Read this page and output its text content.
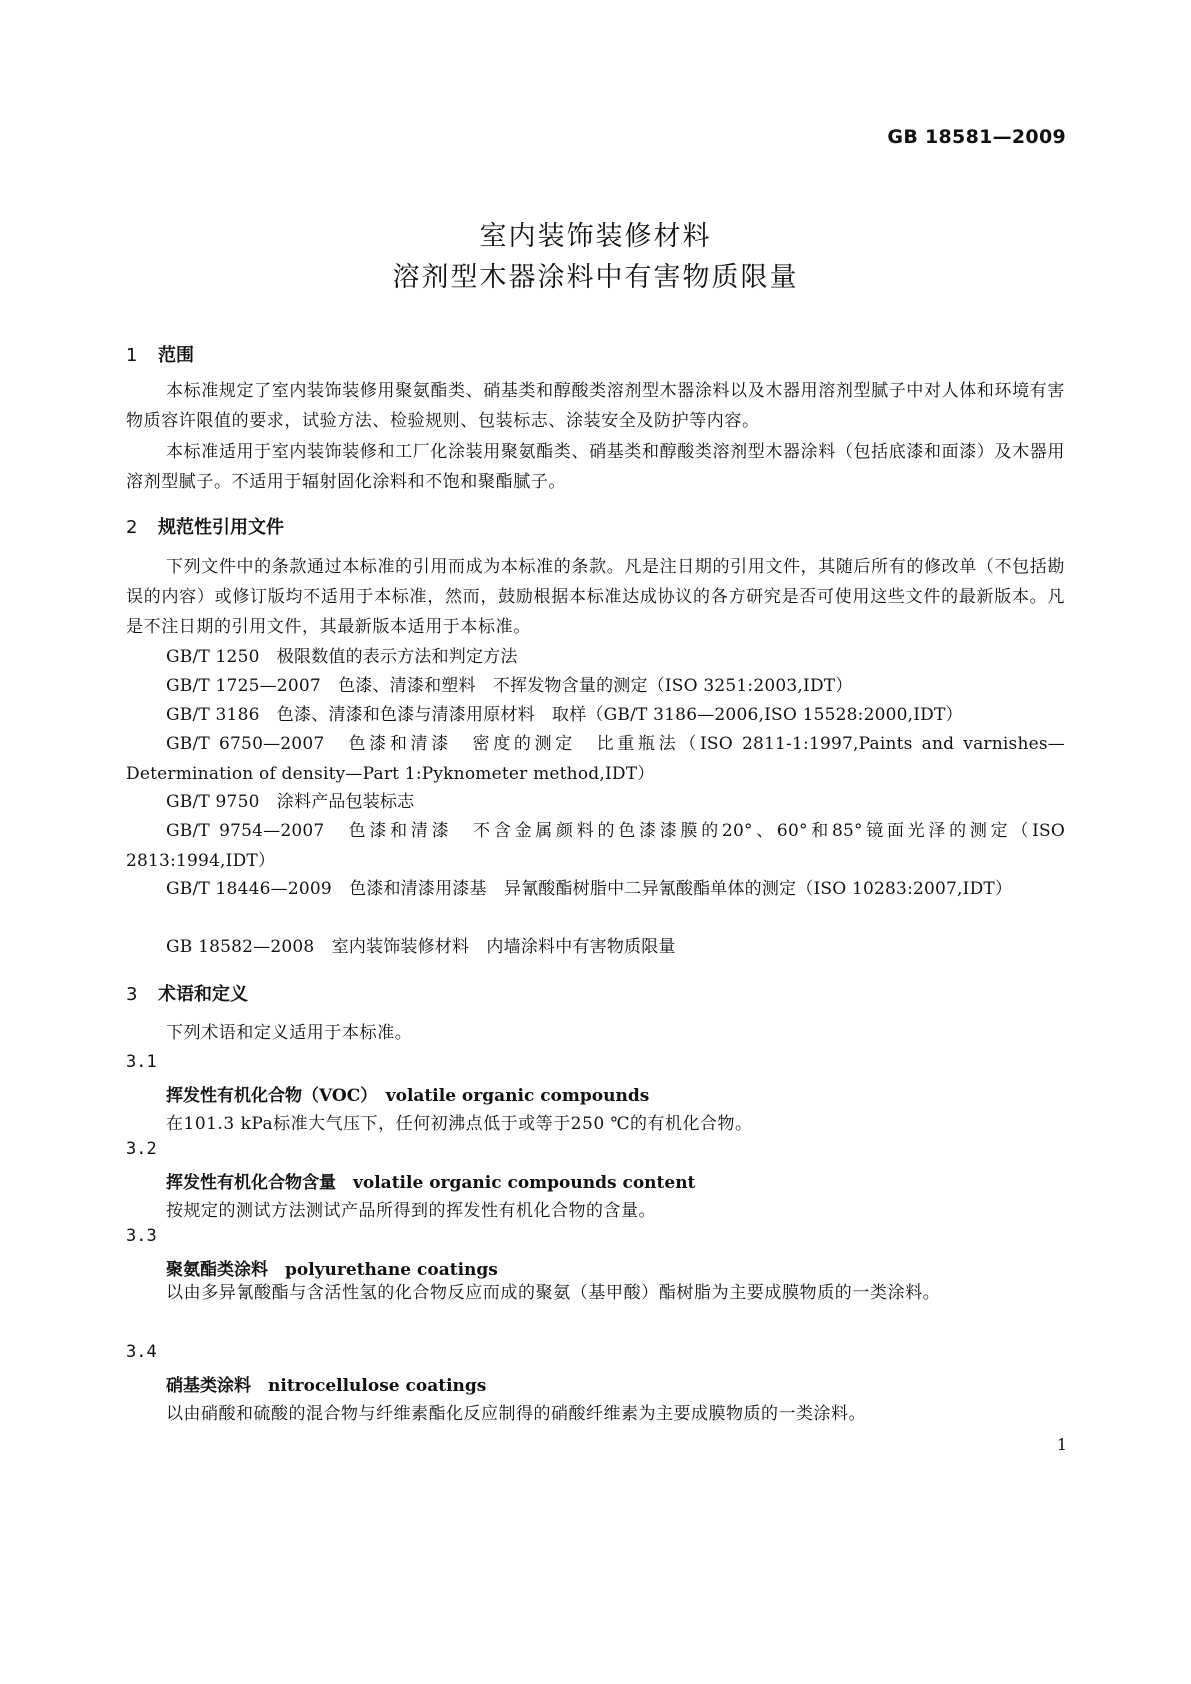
GB 18581—2009
室内装饰装修材料
溶剂型木器涂料中有害物质限量
1 范围
本标准规定了室内装饰装修用聚氨酯类、硝基类和醇酸类溶剂型木器涂料以及木器用溶剂型腻子中对人体和环境有害物质容许限值的要求，试验方法、检验规则、包装标志、涂装安全及防护等内容。
本标准适用于室内装饰装修和工厂化涂装用聚氨酯类、硝基类和醇酸类溶剂型木器涂料（包括底漆和面漆）及木器用溶剂型腻子。不适用于辐射固化涂料和不饱和聚酯腻子。
2 规范性引用文件
下列文件中的条款通过本标准的引用而成为本标准的条款。凡是注日期的引用文件，其随后所有的修改单（不包括勘误的内容）或修订版均不适用于本标准，然而，鼓励根据本标准达成协议的各方研究是否可使用这些文件的最新版本。凡是不注日期的引用文件，其最新版本适用于本标准。
GB/T 1250　极限数值的表示方法和判定方法
GB/T 1725—2007　色漆、清漆和塑料　不挥发物含量的测定（ISO 3251:2003,IDT）
GB/T 3186　色漆、清漆和色漆与清漆用原材料　取样（GB/T 3186—2006,ISO 15528:2000,IDT）
GB/T 6750—2007　色漆和清漆　密度的测定　比重瓶法（ISO 2811-1:1997,Paints and varnishes—Determination of density—Part 1:Pyknometer method,IDT）
GB/T 9750　涂料产品包装标志
GB/T 9754—2007　色漆和清漆　不含金属颜料的色漆漆膜的20°、60°和85°镜面光泽的测定（ISO 2813:1994,IDT）
GB/T 18446—2009　色漆和清漆用漆基　异氰酸酯树脂中二异氰酸酯单体的测定（ISO 10283:2007,IDT）
GB 18582—2008　室内装饰装修材料　内墙涂料中有害物质限量
3 术语和定义
下列术语和定义适用于本标准。
3.1
挥发性有机化合物（VOC）　volatile organic compounds
在101.3 kPa标准大气压下，任何初沸点低于或等于250 ℃的有机化合物。
3.2
挥发性有机化合物含量　volatile organic compounds content
按规定的测试方法测试产品所得到的挥发性有机化合物的含量。
3.3
聚氨酯类涂料　polyurethane coatings
以由多异氰酸酯与含活性氢的化合物反应而成的聚氨（基甲酸）酯树脂为主要成膜物质的一类涂料。
3.4
硝基类涂料　nitrocellulose coatings
以由硝酸和硫酸的混合物与纤维素酯化反应制得的硝酸纤维素为主要成膜物质的一类涂料。
1
